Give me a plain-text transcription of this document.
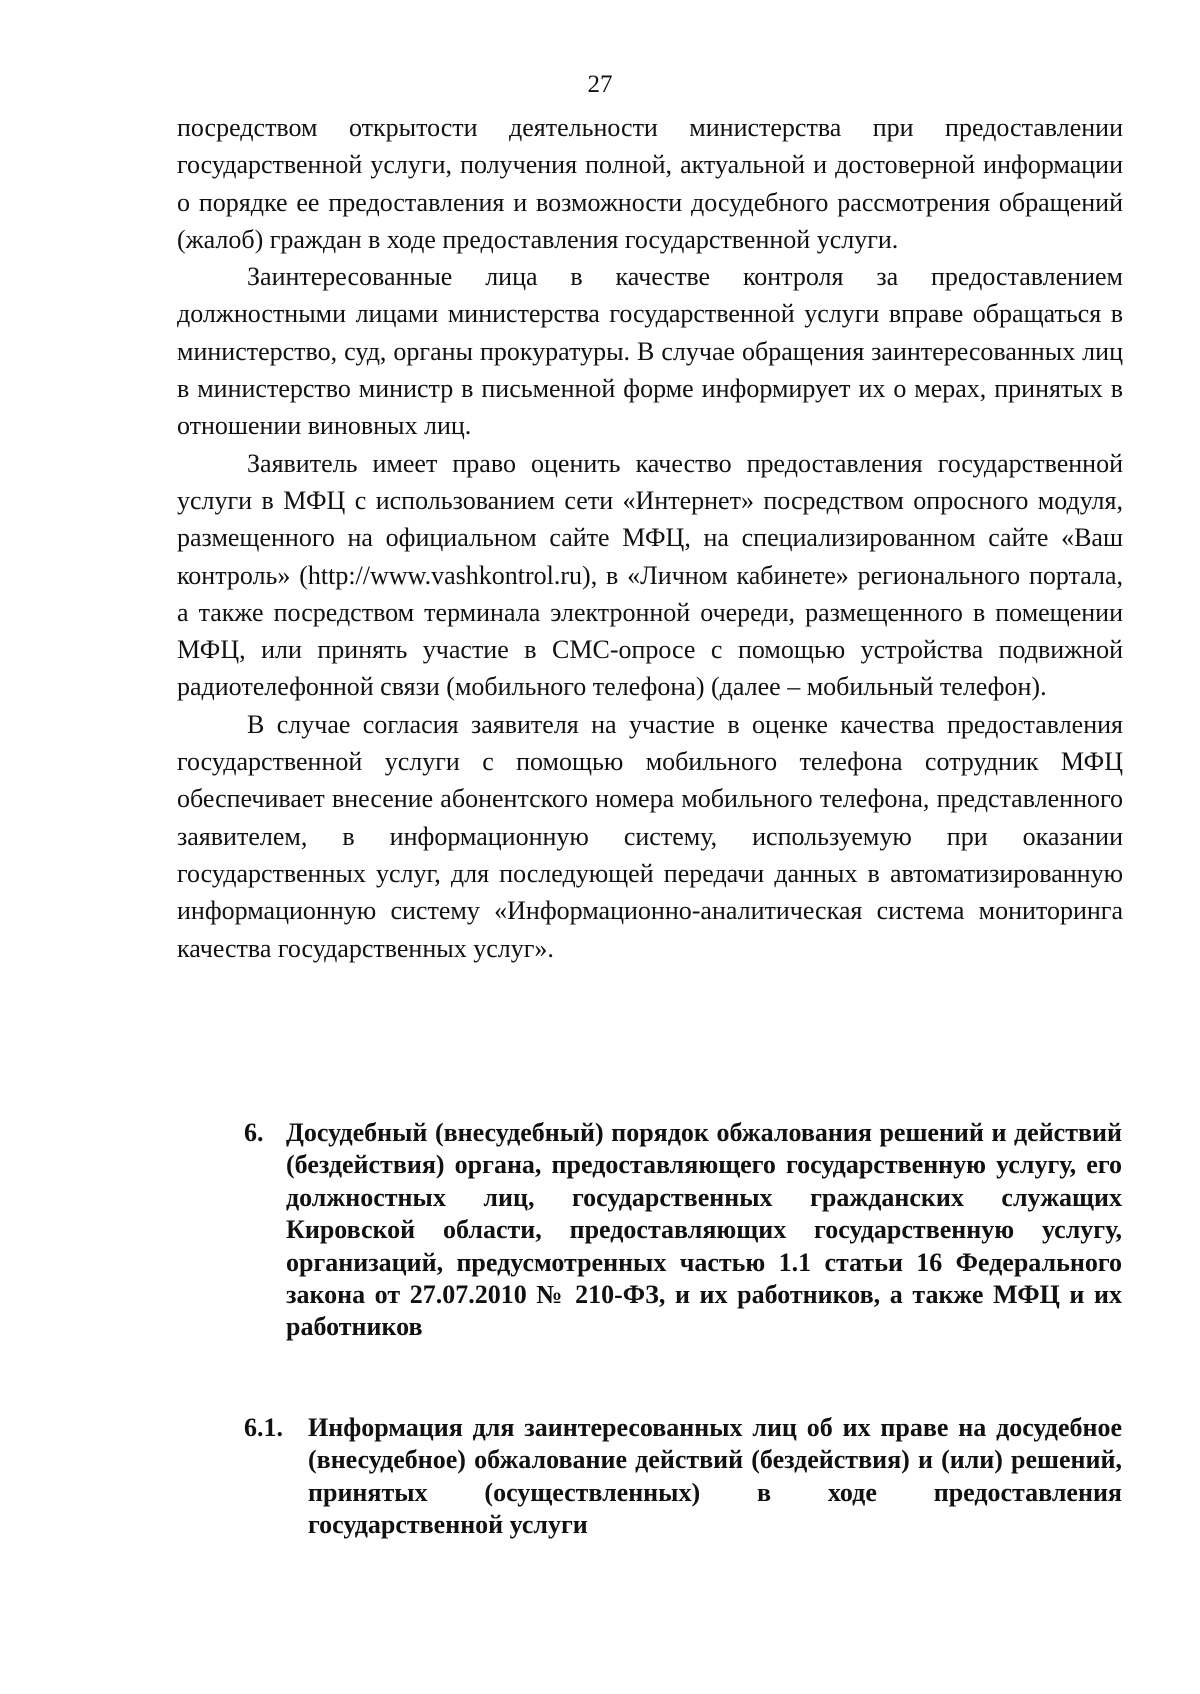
27

посредством открытости деятельности министерства при предоставлении государственной услуги, получения полной, актуальной и достоверной информации о порядке ее предоставления и возможности досудебного рассмотрения обращений (жалоб) граждан в ходе предоставления государственной услуги.

Заинтересованные лица в качестве контроля за предоставлением должностными лицами министерства государственной услуги вправе обращаться в министерство, суд, органы прокуратуры. В случае обращения заинтересованных лиц в министерство министр в письменной форме информирует их о мерах, принятых в отношении виновных лиц.

Заявитель имеет право оценить качество предоставления государственной услуги в МФЦ с использованием сети «Интернет» посредством опросного модуля, размещенного на официальном сайте МФЦ, на специализированном сайте «Ваш контроль» (http://www.vashkontrol.ru), в «Личном кабинете» регионального портала, а также посредством терминала электронной очереди, размещенного в помещении МФЦ, или принять участие в СМС-опросе с помощью устройства подвижной радиотелефонной связи (мобильного телефона) (далее – мобильный телефон).

В случае согласия заявителя на участие в оценке качества предоставления государственной услуги с помощью мобильного телефона сотрудник МФЦ обеспечивает внесение абонентского номера мобильного телефона, представленного заявителем, в информационную систему, используемую при оказании государственных услуг, для последующей передачи данных в автоматизированную информационную систему «Информационно-аналитическая система мониторинга качества государственных услуг».

6. Досудебный (внесудебный) порядок обжалования решений и действий (бездействия) органа, предоставляющего государственную услугу, его должностных лиц, государственных гражданских служащих Кировской области, предоставляющих государственную услугу, организаций, предусмотренных частью 1.1 статьи 16 Федерального закона от 27.07.2010 № 210-ФЗ, и их работников, а также МФЦ и их работников
6.1. Информация для заинтересованных лиц об их праве на досудебное (внесудебное) обжалование действий (бездействия) и (или) решений, принятых (осуществленных) в ходе предоставления государственной услуги
